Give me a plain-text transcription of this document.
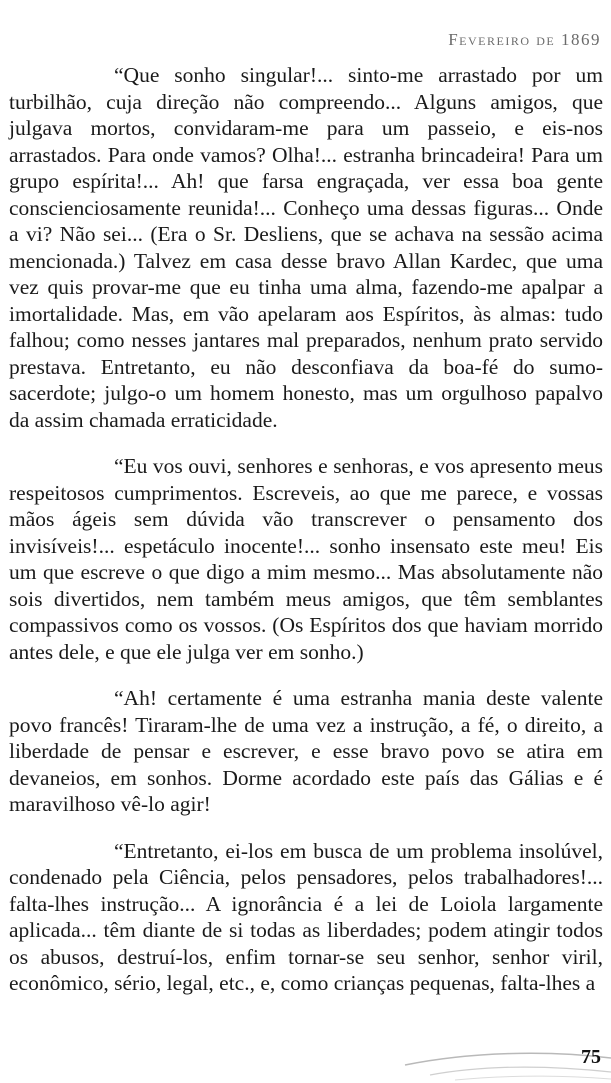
Fevereiro de 1869

“Que sonho singular!... sinto-me arrastado por um turbilhão, cuja direção não compreendo... Alguns amigos, que julgava mortos, convidaram-me para um passeio, e eis-nos arrastados. Para onde vamos? Olha!... estranha brincadeira! Para um grupo espírita!... Ah! que farsa engraçada, ver essa boa gente conscienciosamente reunida!... Conheço uma dessas figuras... Onde a vi? Não sei... (Era o Sr. Desliens, que se achava na sessão acima mencionada.) Talvez em casa desse bravo Allan Kardec, que uma vez quis provar-me que eu tinha uma alma, fazendo-me apalpar a imortalidade. Mas, em vão apelaram aos Espíritos, às almas: tudo falhou; como nesses jantares mal preparados, nenhum prato servido prestava. Entretanto, eu não desconfiava da boa-fé do sumo-sacerdote; julgo-o um homem honesto, mas um orgulhoso papalvo da assim chamada erraticidade.

“Eu vos ouvi, senhores e senhoras, e vos apresento meus respeitosos cumprimentos. Escreveis, ao que me parece, e vossas mãos ágeis sem dúvida vão transcrever o pensamento dos invisíveis!... espetáculo inocente!... sonho insensato este meu! Eis um que escreve o que digo a mim mesmo... Mas absolutamente não sois divertidos, nem também meus amigos, que têm semblantes compassivos como os vossos. (Os Espíritos dos que haviam morrido antes dele, e que ele julga ver em sonho.)

“Ah! certamente é uma estranha mania deste valente povo francês! Tiraram-lhe de uma vez a instrução, a fé, o direito, a liberdade de pensar e escrever, e esse bravo povo se atira em devaneios, em sonhos. Dorme acordado este país das Gálias e é maravilhoso vê-lo agir!

“Entretanto, ei-los em busca de um problema insolúvel, condenado pela Ciência, pelos pensadores, pelos trabalhadores!... falta-lhes instrução... A ignorância é a lei de Loiola largamente aplicada... têm diante de si todas as liberdades; podem atingir todos os abusos, destruí-los, enfim tornar-se seu senhor, senhor viril, econômico, sério, legal, etc., e, como crianças pequenas, falta-lhes a

75
